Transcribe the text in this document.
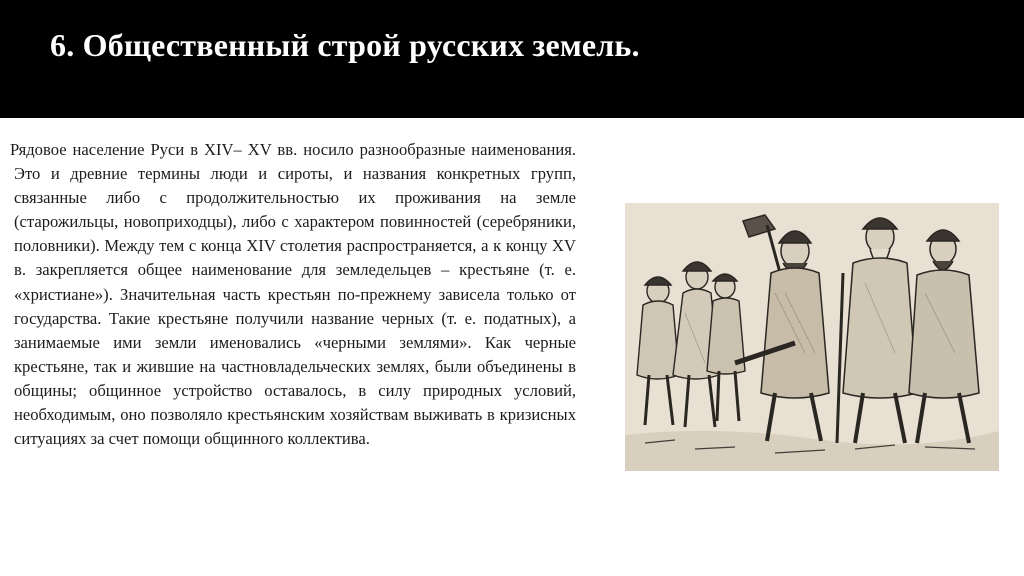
6. Общественный строй русских земель.

Рядовое население Руси в XIV– XV вв. носило разнообразные наименования. Это и древние термины люди и сироты, и названия конкретных групп, связанные либо с продолжительностью их проживания на земле (старожильцы, новоприходцы), либо с характером повинностей (серебряники, половники). Между тем с конца XIV столетия распространяется, а к концу XV в. закрепляется общее наименование для земледельцев – крестьяне (т. е. «христиане»). Значительная часть крестьян по-прежнему зависела только от государства. Такие крестьяне получили название черных (т. е. податных), а занимаемые ими земли именовались «черными землями». Как черные крестьяне, так и жившие на частновладельческих землях, были объединены в общины; общинное устройство оставалось, в силу природных условий, необходимым, оно позволяло крестьянским хозяйствам выживать в кризисных ситуациях за счет помощи общинного коллектива.
